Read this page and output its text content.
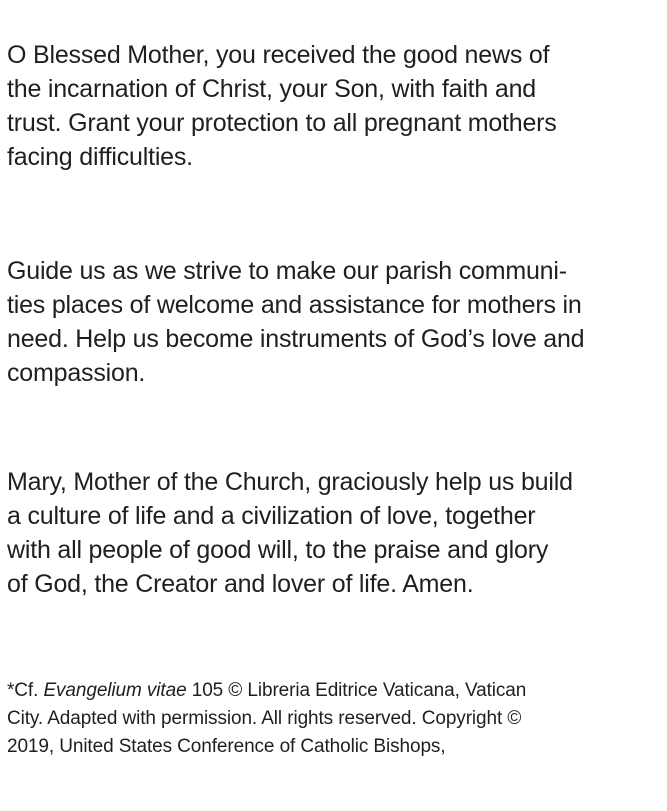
O Blessed Mother, you received the good news of
the incarnation of Christ, your Son, with faith and
trust. Grant your protection to all pregnant mothers
facing difficulties.

Guide us as we strive to make our parish communi-
ties places of welcome and assistance for mothers in
need. Help us become instruments of God’s love and
compassion.

Mary, Mother of the Church, graciously help us build
a culture of life and a civilization of love, together
with all people of good will, to the praise and glory
of God, the Creator and lover of life. Amen.

*Cf. Evangelium vitae 105 © Libreria Editrice Vaticana, Vatican
City. Adapted with permission. All rights reserved. Copyright ©
2019, United States Conference of Catholic Bishops,
